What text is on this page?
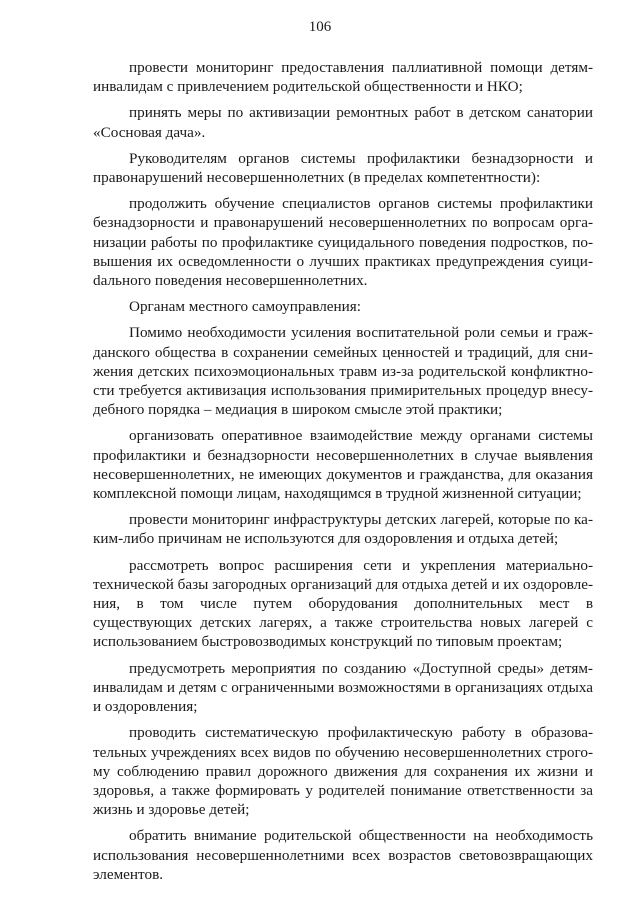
106

провести мониторинг предоставления паллиативной помощи детям-инвалидам с привлечением родительской общественности и НКО;

принять меры по активизации ремонтных работ в детском санатории «Сосновая дача».

Руководителям органов системы профилактики безнадзорности и правонарушений несовершеннолетних (в пределах компетентности):

продолжить обучение специалистов органов системы профилактики безнадзорности и правонарушений несовершеннолетних по вопросам организации работы по профилактике суицидального поведения подростков, повышения их осведомленности о лучших практиках предупреждения суициdального поведения несовершеннолетних.

Органам местного самоуправления:

Помимо необходимости усиления воспитательной роли семьи и гражданского общества в сохранении семейных ценностей и традиций, для снижения детских психоэмоциональных травм из-за родительской конфликтности требуется активизация использования примирительных процедур внесудебного порядка – медиация в широком смысле этой практики;

организовать оперативное взаимодействие между органами системы профилактики и безнадзорности несовершеннолетних в случае выявления несовершеннолетних, не имеющих документов и гражданства, для оказания комплексной помощи лицам, находящимся в трудной жизненной ситуации;

провести мониторинг инфраструктуры детских лагерей, которые по каким-либо причинам не используются для оздоровления и отдыха детей;

рассмотреть вопрос расширения сети и укрепления материально-технической базы загородных организаций для отдыха детей и их оздоровления, в том числе путем оборудования дополнительных мест в существующих детских лагерях, а также строительства новых лагерей с использованием быстровозводимых конструкций по типовым проектам;

предусмотреть мероприятия по созданию «Доступной среды» детям-инвалидам и детям с ограниченными возможностями в организациях отдыха и оздоровления;

проводить систематическую профилактическую работу в образовательных учреждениях всех видов по обучению несовершеннолетних строгому соблюдению правил дорожного движения для сохранения их жизни и здоровья, а также формировать у родителей понимание ответственности за жизнь и здоровье детей;

обратить внимание родительской общественности на необходимость использования несовершеннолетними всех возрастов световозвращающих элементов.
